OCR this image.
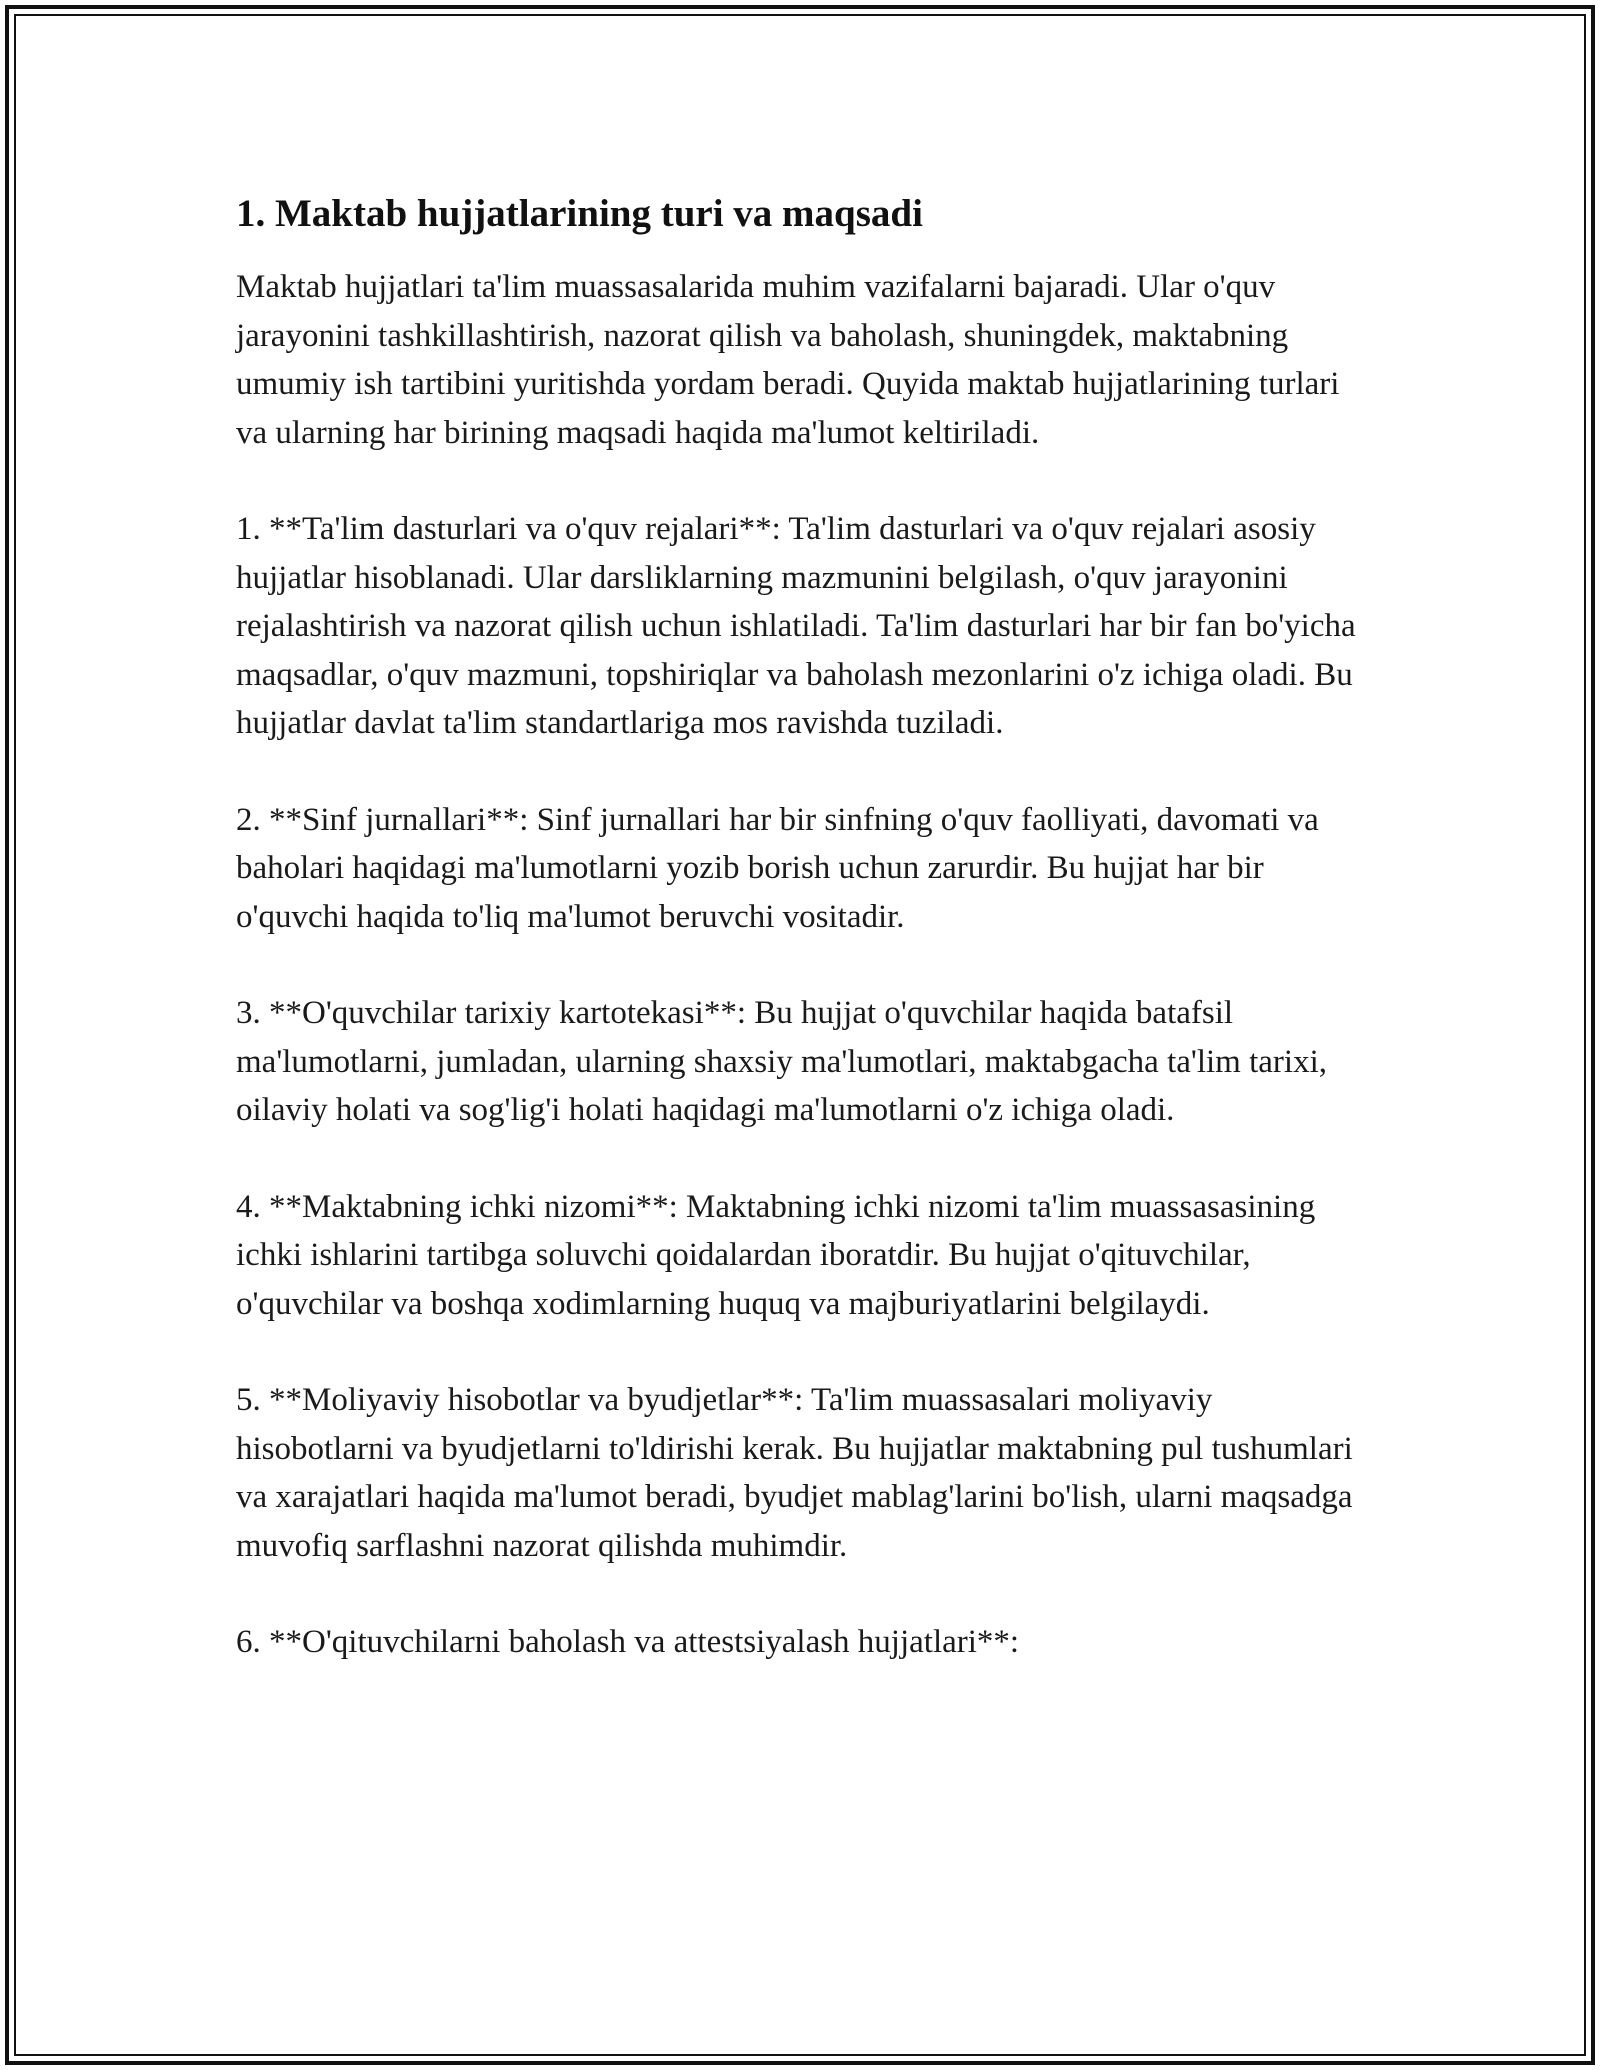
1. Maktab hujjatlarining turi va maqsadi

Maktab hujjatlari ta'lim muassasalarida muhim vazifalarni bajaradi. Ular o'quv jarayonini tashkillashtirish, nazorat qilish va baholash, shuningdek, maktabning umumiy ish tartibini yuritishda yordam beradi. Quyida maktab hujjatlarining turlari va ularning har birining maqsadi haqida ma'lumot keltiriladi.

1. **Ta'lim dasturlari va o'quv rejalari**: Ta'lim dasturlari va o'quv rejalari asosiy hujjatlar hisoblanadi. Ular darsliklarning mazmunini belgilash, o'quv jarayonini rejalashtirish va nazorat qilish uchun ishlatiladi. Ta'lim dasturlari har bir fan bo'yicha maqsadlar, o'quv mazmuni, topshiriqlar va baholash mezonlarini o'z ichiga oladi. Bu hujjatlar davlat ta'lim standartlariga mos ravishda tuziladi.

2. **Sinf jurnallari**: Sinf jurnallari har bir sinfning o'quv faolliyati, davomati va baholari haqidagi ma'lumotlarni yozib borish uchun zarurdir. Bu hujjat har bir o'quvchi haqida to'liq ma'lumot beruvchi vositadir.

3. **O'quvchilar tarixiy kartotekasi**: Bu hujjat o'quvchilar haqida batafsil ma'lumotlarni, jumladan, ularning shaxsiy ma'lumotlari, maktabgacha ta'lim tarixi, oilaviy holati va sog'lig'i holati haqidagi ma'lumotlarni o'z ichiga oladi.

4. **Maktabning ichki nizomi**: Maktabning ichki nizomi ta'lim muassasasining ichki ishlarini tartibga soluvchi qoidalardan iboratdir. Bu hujjat o'qituvchilar, o'quvchilar va boshqa xodimlarning huquq va majburiyatlarini belgilaydi.

5. **Moliyaviy hisobotlar va byudjetlar**: Ta'lim muassasalari moliyaviy hisobotlarni va byudjetlarni to'ldirishi kerak. Bu hujjatlar maktabning pul tushumlari va xarajatlari haqida ma'lumot beradi, byudjet mablag'larini bo'lish, ularni maqsadga muvofiq sarflashni nazorat qilishda muhimdir.

6. **O'qituvchilarni baholash va attestsiyalash hujjatlari**:
